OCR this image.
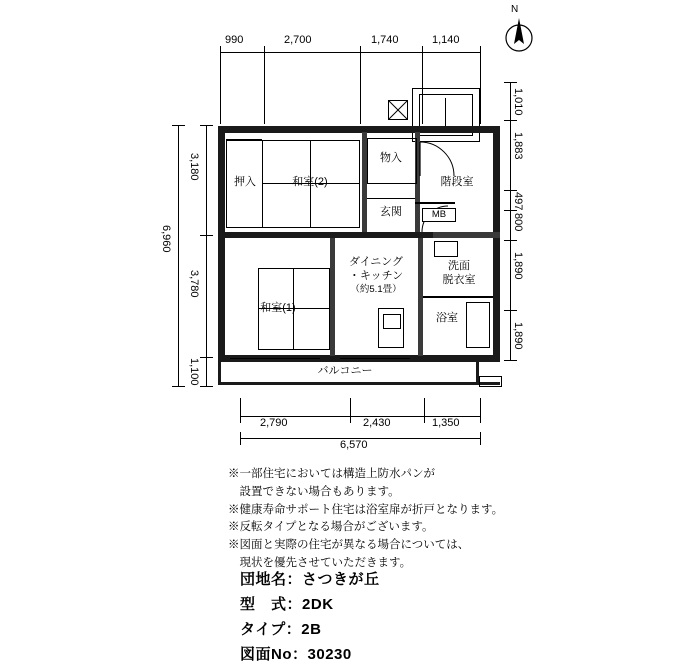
N
990	2,700	1,740	1,140
6,960
3,180
3,780
1,100
1,010
1,883
497
800
1,890
1,890
和室(2)
押入
物入
玄関
階段室
MB
ダイニング
・キッチン
（約5.1畳）
洗面
脱衣室
浴室
和室(1)
バルコニー
2,790	2,430	1,350
6,570
※一部住宅においては構造上防水パンが
　設置できない場合もあります。
※健康寿命サポート住宅は浴室扉が折戸となります。
※反転タイプとなる場合がございます。
※図面と実際の住宅が異なる場合については、
　現状を優先させていただきます。
団地名：さつきが丘
型　式：2DK
タイプ：2B
図面No：30230
